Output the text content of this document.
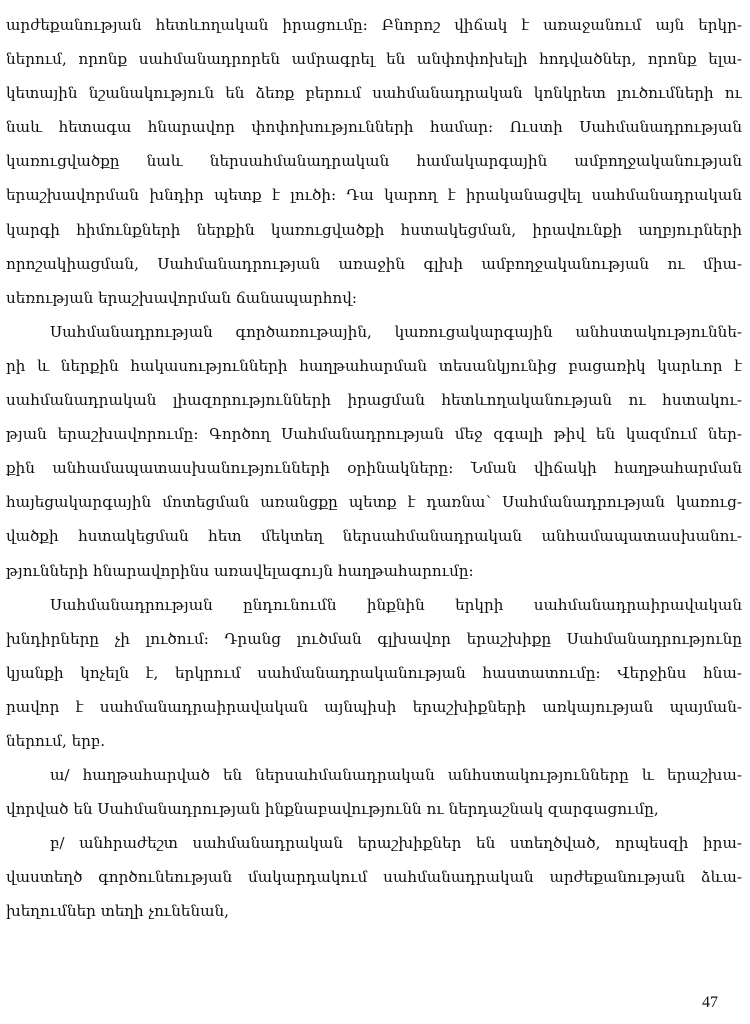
արժեքանության հետևողական իրացումը: Բնորոշ վիճակ է առաջանում այն երկր-
ներում, որոնք սահմանադրորեն ամրագրել են անփոփոխելի հոդվածներ, որոնք ելա-
կետային նշանակություն են ձեռք բերում սահմանադրական կոնկրետ լուծումների ու
նաև հետագա հնարավոր փոփոխությունների համար: Ուստի Սահմանադրության
կառուցվածքը նաև ներսահմանադրական համակարգային ամբողջականության
երաշխավորման խնդիր պետք է լուծի: Դա կարող է իրականացվել սահմանադրական
կարգի հիմունքների ներքին կառուցվածքի հստակեցման, իրավունքի աղբյուրների
որոշակիացման, Սահմանադրության առաջին գլխի ամբողջականության ու միա-
սեռության երաշխավորման ճանապարհով:
Սահմանադրության գործառութային, կառուցակարգային անհստակություննե-
րի և ներքին հակասությունների հաղթահարման տեսանկյունից բացառիկ կարևոր է
սահմանադրական լիազորությունների իրացման հետևողականության ու հստակու-
թյան երաշխավորումը: Գործող Սահմանադրության մեջ զգալի թիվ են կազմում ներ-
քին անհամապատասխանությունների օրինակները: Նման վիճակի հաղթահարման
հայեցակարգային մոտեցման առանցքը պետք է դառնա՝ Սահմանադրության կառուց-
վածքի հստակեցման հետ մեկտեղ ներսահմանադրական անհամապատասխանու-
թյունների հնարավորինս առավելագույն հաղթահարումը:
Սահմանադրության ընդունումն ինքնին երկրի սահմանադրաիրավական
խնդիրները չի լուծում: Դրանց լուծման գլխավոր երաշխիքը Սահմանադրությունը
կյանքի կոչելն է, երկրում սահմանադրականության հաստատումը: Վերջինս հնա-
րավոր է սահմանադրաիրավական այնպիսի երաշխիքների առկայության պայման-
ներում, երբ.
ա/ հաղթահարված են ներսահմանադրական անհստակությունները և երաշխա-
վորված են Սահմանադրության ինքնաբավությունն ու ներդաշնակ զարգացումը,
բ/ անհրաժեշտ սահմանադրական երաշխիքներ են ստեղծված, որպեսզի իրա-
վաստեղծ գործունեության մակարդակում սահմանադրական արժեքանության ձևա-
խեղումներ տեղի չունենան,
47
